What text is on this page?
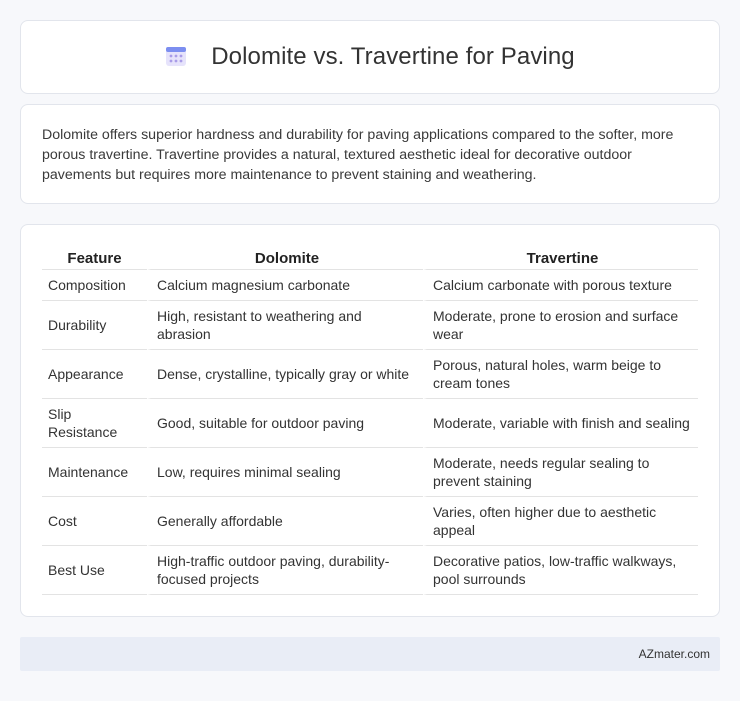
Dolomite vs. Travertine for Paving

Dolomite offers superior hardness and durability for paving applications compared to the softer, more porous travertine. Travertine provides a natural, textured aesthetic ideal for decorative outdoor pavements but requires more maintenance to prevent staining and weathering.

Feature	Dolomite	Travertine
Composition	Calcium magnesium carbonate	Calcium carbonate with porous texture
Durability	High, resistant to weathering and abrasion	Moderate, prone to erosion and surface wear
Appearance	Dense, crystalline, typically gray or white	Porous, natural holes, warm beige to cream tones
Slip Resistance	Good, suitable for outdoor paving	Moderate, variable with finish and sealing
Maintenance	Low, requires minimal sealing	Moderate, needs regular sealing to prevent staining
Cost	Generally affordable	Varies, often higher due to aesthetic appeal
Best Use	High-traffic outdoor paving, durability-focused projects	Decorative patios, low-traffic walkways, pool surrounds
AZmater.com
